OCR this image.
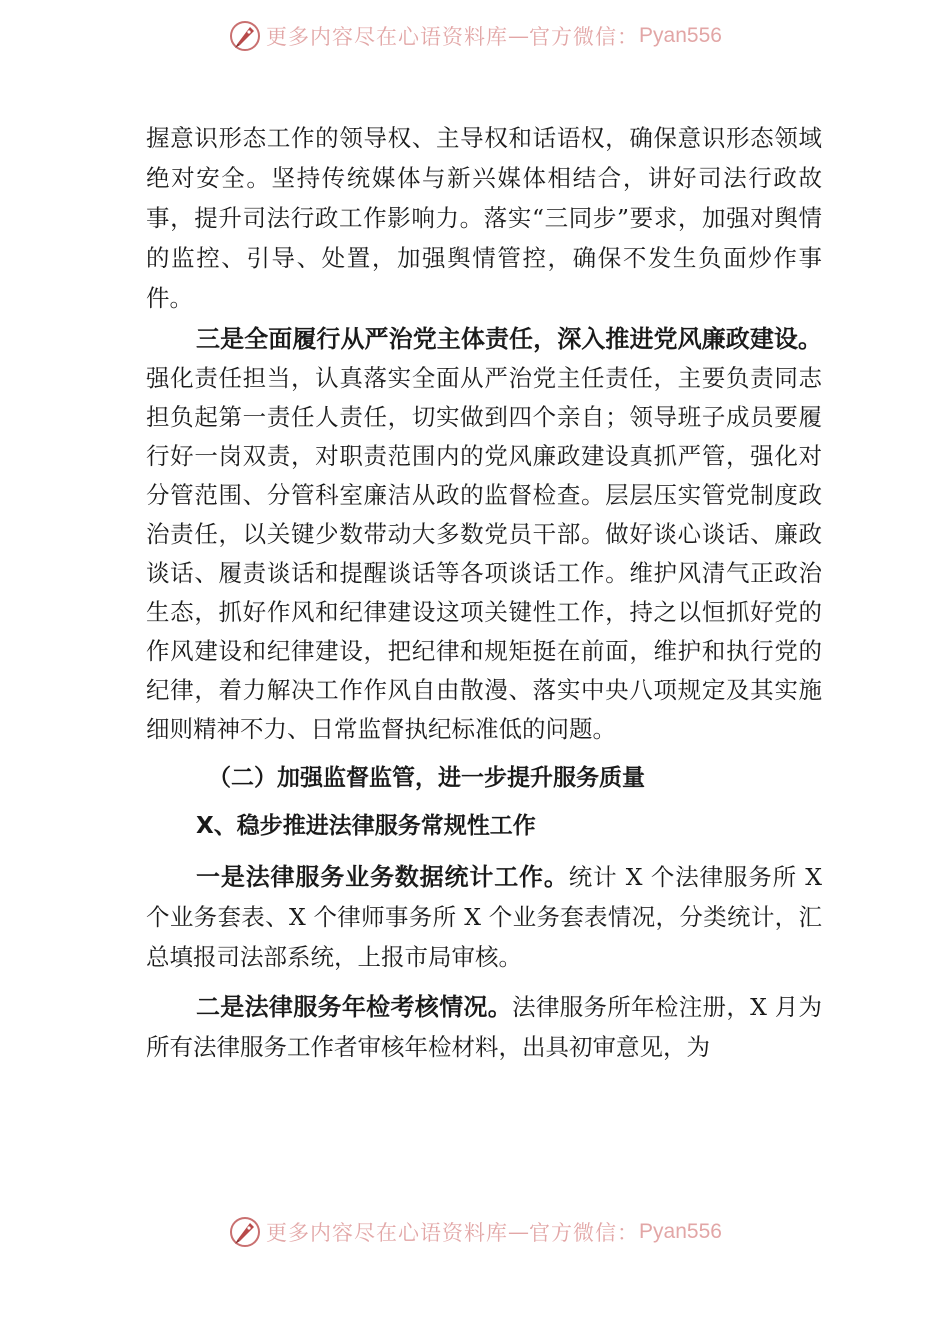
更多内容尽在心语资料库 — 官方微信： Pyan556

握意识形态工作的领导权、主导权和话语权，确保意识形态领域绝对安全。坚持传统媒体与新兴媒体相结合，讲好司法行政故事，提升司法行政工作影响力。落实“三同步”要求，加强对舆情的监控、引导、处置，加强舆情管控，确保不发生负面炒作事件。

三是全面履行从严治党主体责任，深入推进党风廉政建设。强化责任担当，认真落实全面从严治党主任责任，主要负责同志担负起第一责任人责任，切实做到四个亲自；领导班子成员要履行好一岗双责，对职责范围内的党风廉政建设真抓严管，强化对分管范围、分管科室廉洁从政的监督检查。层层压实管党制度政治责任，以关键少数带动大多数党员干部。做好谈心谈话、廉政谈话、履责谈话和提醒谈话等各项谈话工作。维护风清气正政治生态，抓好作风和纪律建设这项关键性工作，持之以恒抓好党的作风建设和纪律建设，把纪律和规矩挺在前面，维护和执行党的纪律，着力解决工作作风自由散漫、落实中央八项规定及其实施细则精神不力、日常监督执纪标准低的问题。

（二）加强监督监管，进一步提升服务质量
X、稳步推进法律服务常规性工作

一是法律服务业务数据统计工作。统计 X 个法律服务所 X 个业务套表、X 个律师事务所 X 个业务套表情况，分类统计，汇总填报司法部系统，上报市局审核。

二是法律服务年检考核情况。法律服务所年检注册，X 月为所有法律服务工作者审核年检材料，出具初审意见，为

更多内容尽在心语资料库 — 官方微信： Pyan556
